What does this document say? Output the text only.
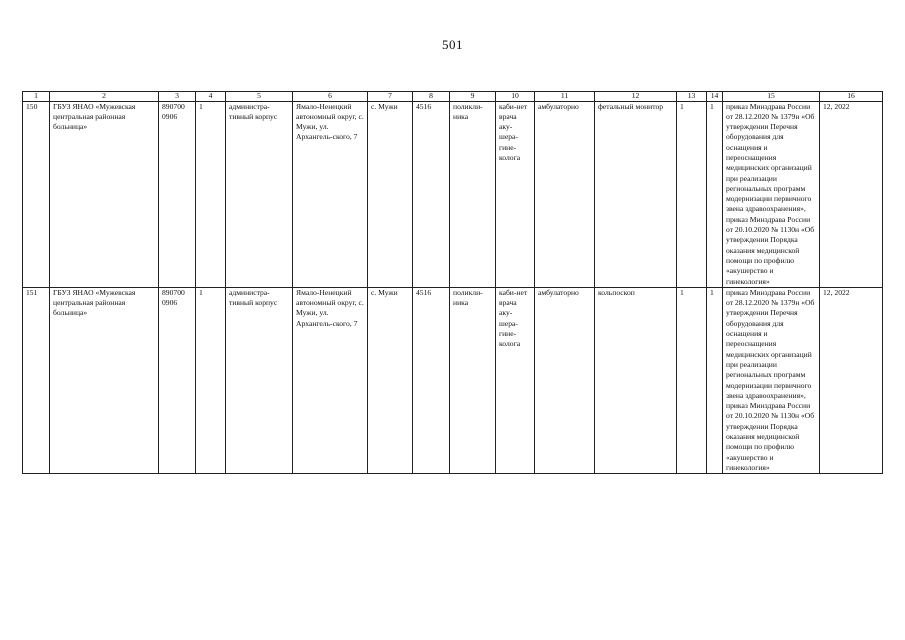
501
1	2	3	4	5	6	7	8	9	10	11	12	13	14	15	16
150	ГБУЗ ЯНАО «Мужевская центральная районная больница»	890700 0906	1	администра-тивный корпус	Ямало-Ненецкий автономный округ, с. Мужи, ул. Архангель-ского, 7	с. Мужи	4516	поликли-ника	каби-нет врача аку-шера-гине-колога	амбулаторно	фетальный монитор	1	1	приказ Минздрава России от 28.12.2020 № 1379н «Об утверждении Перечня оборудования для оснащения и переоснащения медицинских организаций при реализации региональных программ модернизации первичного звена здравоохранения», приказ Минздрава России от 20.10.2020 № 1130н «Об утверждении Порядка оказания медицинской помощи по профилю «акушерство и гинекология»	12, 2022
151	ГБУЗ ЯНАО «Мужевская центральная районная больница»	890700 0906	1	администра-тивный корпус	Ямало-Ненецкий автономный округ, с. Мужи, ул. Архангель-ского, 7	с. Мужи	4516	поликли-ника	каби-нет врача аку-шера-гине-колога	амбулаторно	кольпоскоп	1	1	приказ Минздрава России от 28.12.2020 № 1379н «Об утверждении Перечня оборудования для оснащения и переоснащения медицинских организаций при реализации региональных программ модернизации первичного звена здравоохранения», приказ Минздрава России от 20.10.2020 № 1130н «Об утверждении Порядка оказания медицинской помощи по профилю «акушерство и гинекология»	12, 2022
